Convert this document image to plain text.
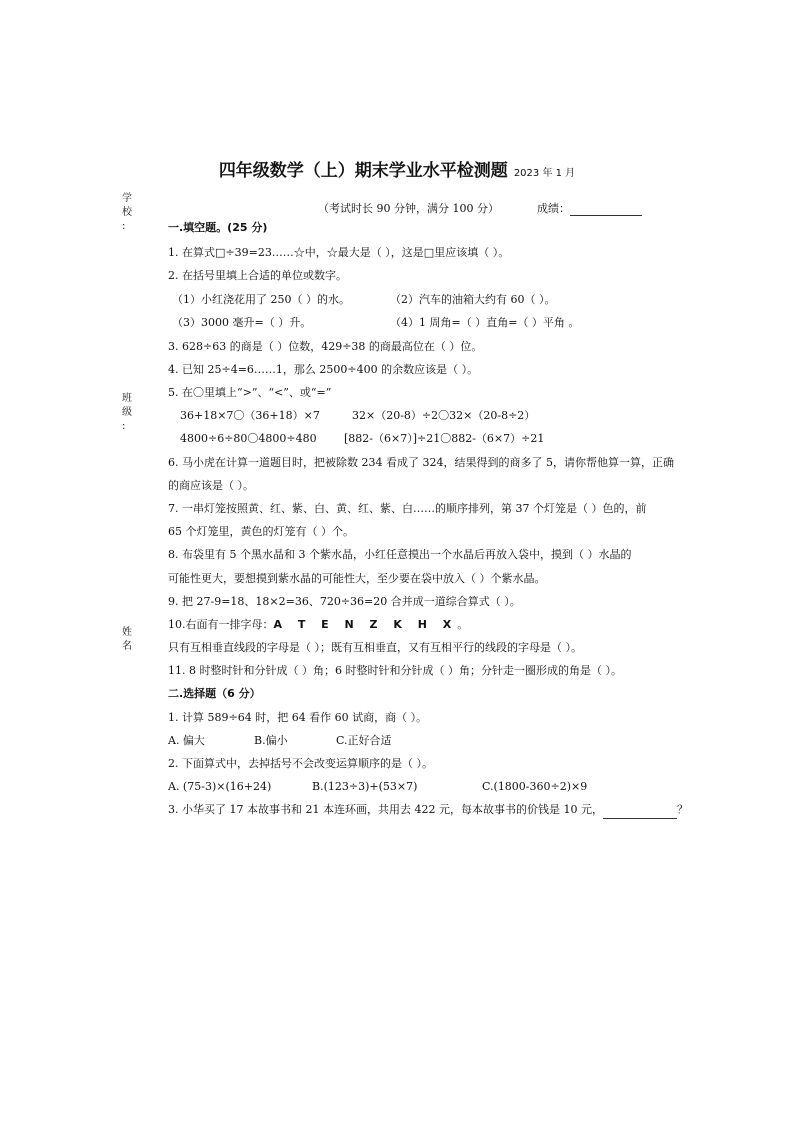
四年级数学（上）期末学业水平检测题 2023 年 1 月
学
校
:
班
级
:
姓
名
（考试时长 90 分钟，满分 100 分）	成绩：
一.填空题。(25 分)
1. 在算式□÷39=23……☆中，☆最大是（ ），这是□里应该填（ ）。
2. 在括号里填上合适的单位或数字。
（1）小红浇花用了 250（ ）的水。	（2）汽车的油箱大约有 60（ ）。
（3）3000 毫升=（ ）升。	（4）1 周角=（ ）直角=（ ）平角 。
3. 628÷63 的商是（ ）位数，429÷38 的商最高位在（ ）位。
4. 已知 25÷4=6……1，那么 2500÷400 的余数应该是（ ）。
5. 在〇里填上“>”、“<”、或“=”
36+18×7〇（36+18）×7	32×（20-8）÷2〇32×（20-8÷2）
4800÷6÷80〇4800÷480 [882-（6×7）]÷21〇882-（6×7）÷21
6. 马小虎在计算一道题目时，把被除数 234 看成了 324，结果得到的商多了 5，请你帮他算一算，正确
的商应该是（ ）。
7. 一串灯笼按照黄、红、紫、白、黄、红、紫、白……的顺序排列，第 37 个灯笼是（ ）色的，前
65 个灯笼里，黄色的灯笼有（ ）个。
8. 布袋里有 5 个黑水晶和 3 个紫水晶，小红任意摸出一个水晶后再放入袋中，摸到（ ）水晶的
可能性更大，要想摸到紫水晶的可能性大，至少要在袋中放入（ ）个紫水晶。
9. 把 27-9=18、18×2=36、720÷36=20 合并成一道综合算式（ ）。
10.右面有一排字母：A T E N Z K H X。
只有互相垂直线段的字母是（ ）；既有互相垂直，又有互相平行的线段的字母是（ ）。
11. 8 时整时针和分针成（ ）角；6 时整时针和分针成（ ）角；分针走一圈形成的角是（ ）。
二.选择题（6 分）
1. 计算 589÷64 时，把 64 看作 60 试商，商（ ）。
A. 偏大	B.偏小	C.正好合适
2. 下面算式中，去掉括号不会改变运算顺序的是（ ）。
A. (75-3)×(16+24)	B.(123÷3)+(53×7)	C.(1800-360÷2)×9
3. 小华买了 17 本故事书和 21 本连环画，共用去 422 元，每本故事书的价钱是 10 元，	？
